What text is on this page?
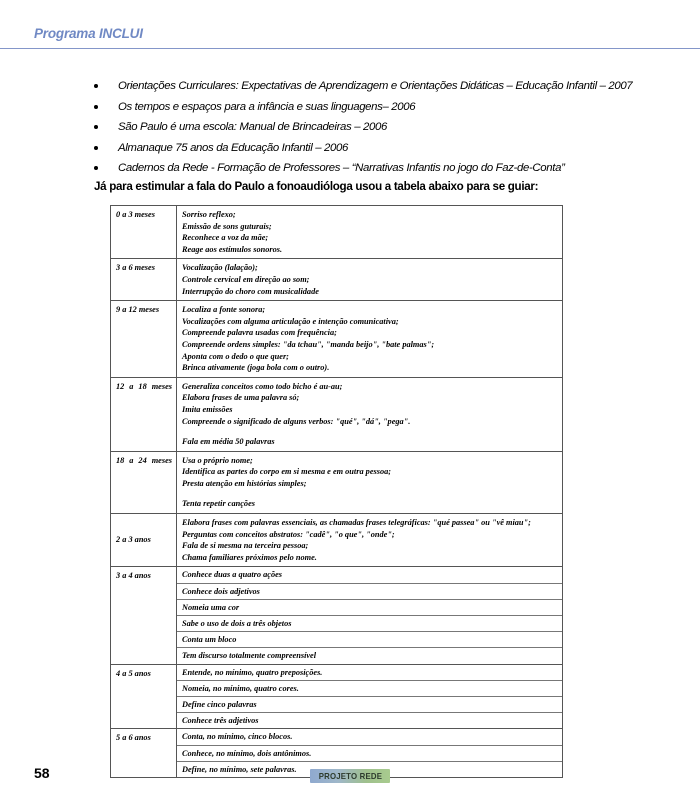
Programa INCLUI
Orientações Curriculares: Expectativas de Aprendizagem e Orientações Didáticas – Educação Infantil – 2007
Os tempos e espaços para a infância e suas linguagens– 2006
São Paulo é uma escola: Manual de Brincadeiras – 2006
Almanaque 75 anos da Educação Infantil – 2006
Cadernos da Rede - Formação de Professores – “Narrativas Infantis no jogo do Faz-de-Conta”
Já para estimular a fala do Paulo a fonoaudióloga usou a tabela abaixo para se guiar:
0 a 3 meses	Sorriso reflexo;

Emissão de sons guturais;

Reconhece a voz da mãe;

Reage aos estímulos sonoros.

3 a 6 meses	Vocalização (lalação);

Controle cervical em direção ao som;

Interrupção do choro com musicalidade

9 a 12 meses	Localiza a fonte sonora;

Vocalizações com alguma articulação e intenção comunicativa;

Compreende palavra usadas com frequência;

Compreende ordens simples: "da tchau", "manda beijo", "bate palmas";

Aponta com o dedo o que quer;

Brinca ativamente (joga bola com o outro).

12 a 18 meses	Generaliza conceitos como todo bicho é au-au;

Elabora frases de uma palavra só;

Imita emissões

Compreende o significado de alguns verbos: "qué", "dá", "pega".

Fala em média 50 palavras

18 a 24 meses	Usa o próprio nome;

Identifica as partes do corpo em si mesma e em outra pessoa;

Presta atenção em histórias simples;

Tenta repetir canções

2 a 3 anos	Elabora frases com palavras essenciais, as chamadas frases telegráficas: "qué passea" ou "vê miau";

Perguntas com conceitos abstratos: "cadê", "o que", "onde";

Fala de si mesma na terceira pessoa;

Chama familiares próximos pelo nome.

3 a 4 anos	Conhece duas a quatro ações
Conhece dois adjetivos
Nomeia uma cor
Sabe o uso de dois a três objetos
Conta um bloco
Tem discurso totalmente compreensível

4 a 5 anos	Entende, no mínimo, quatro preposições.
Nomeia, no mínimo, quatro cores.
Define cinco palavras
Conhece três adjetivos

5 a 6 anos	Conta, no mínimo, cinco blocos.
Conhece, no mínimo, dois antônimos.
Define, no mínimo, sete palavras.
58	PROJETO REDE
